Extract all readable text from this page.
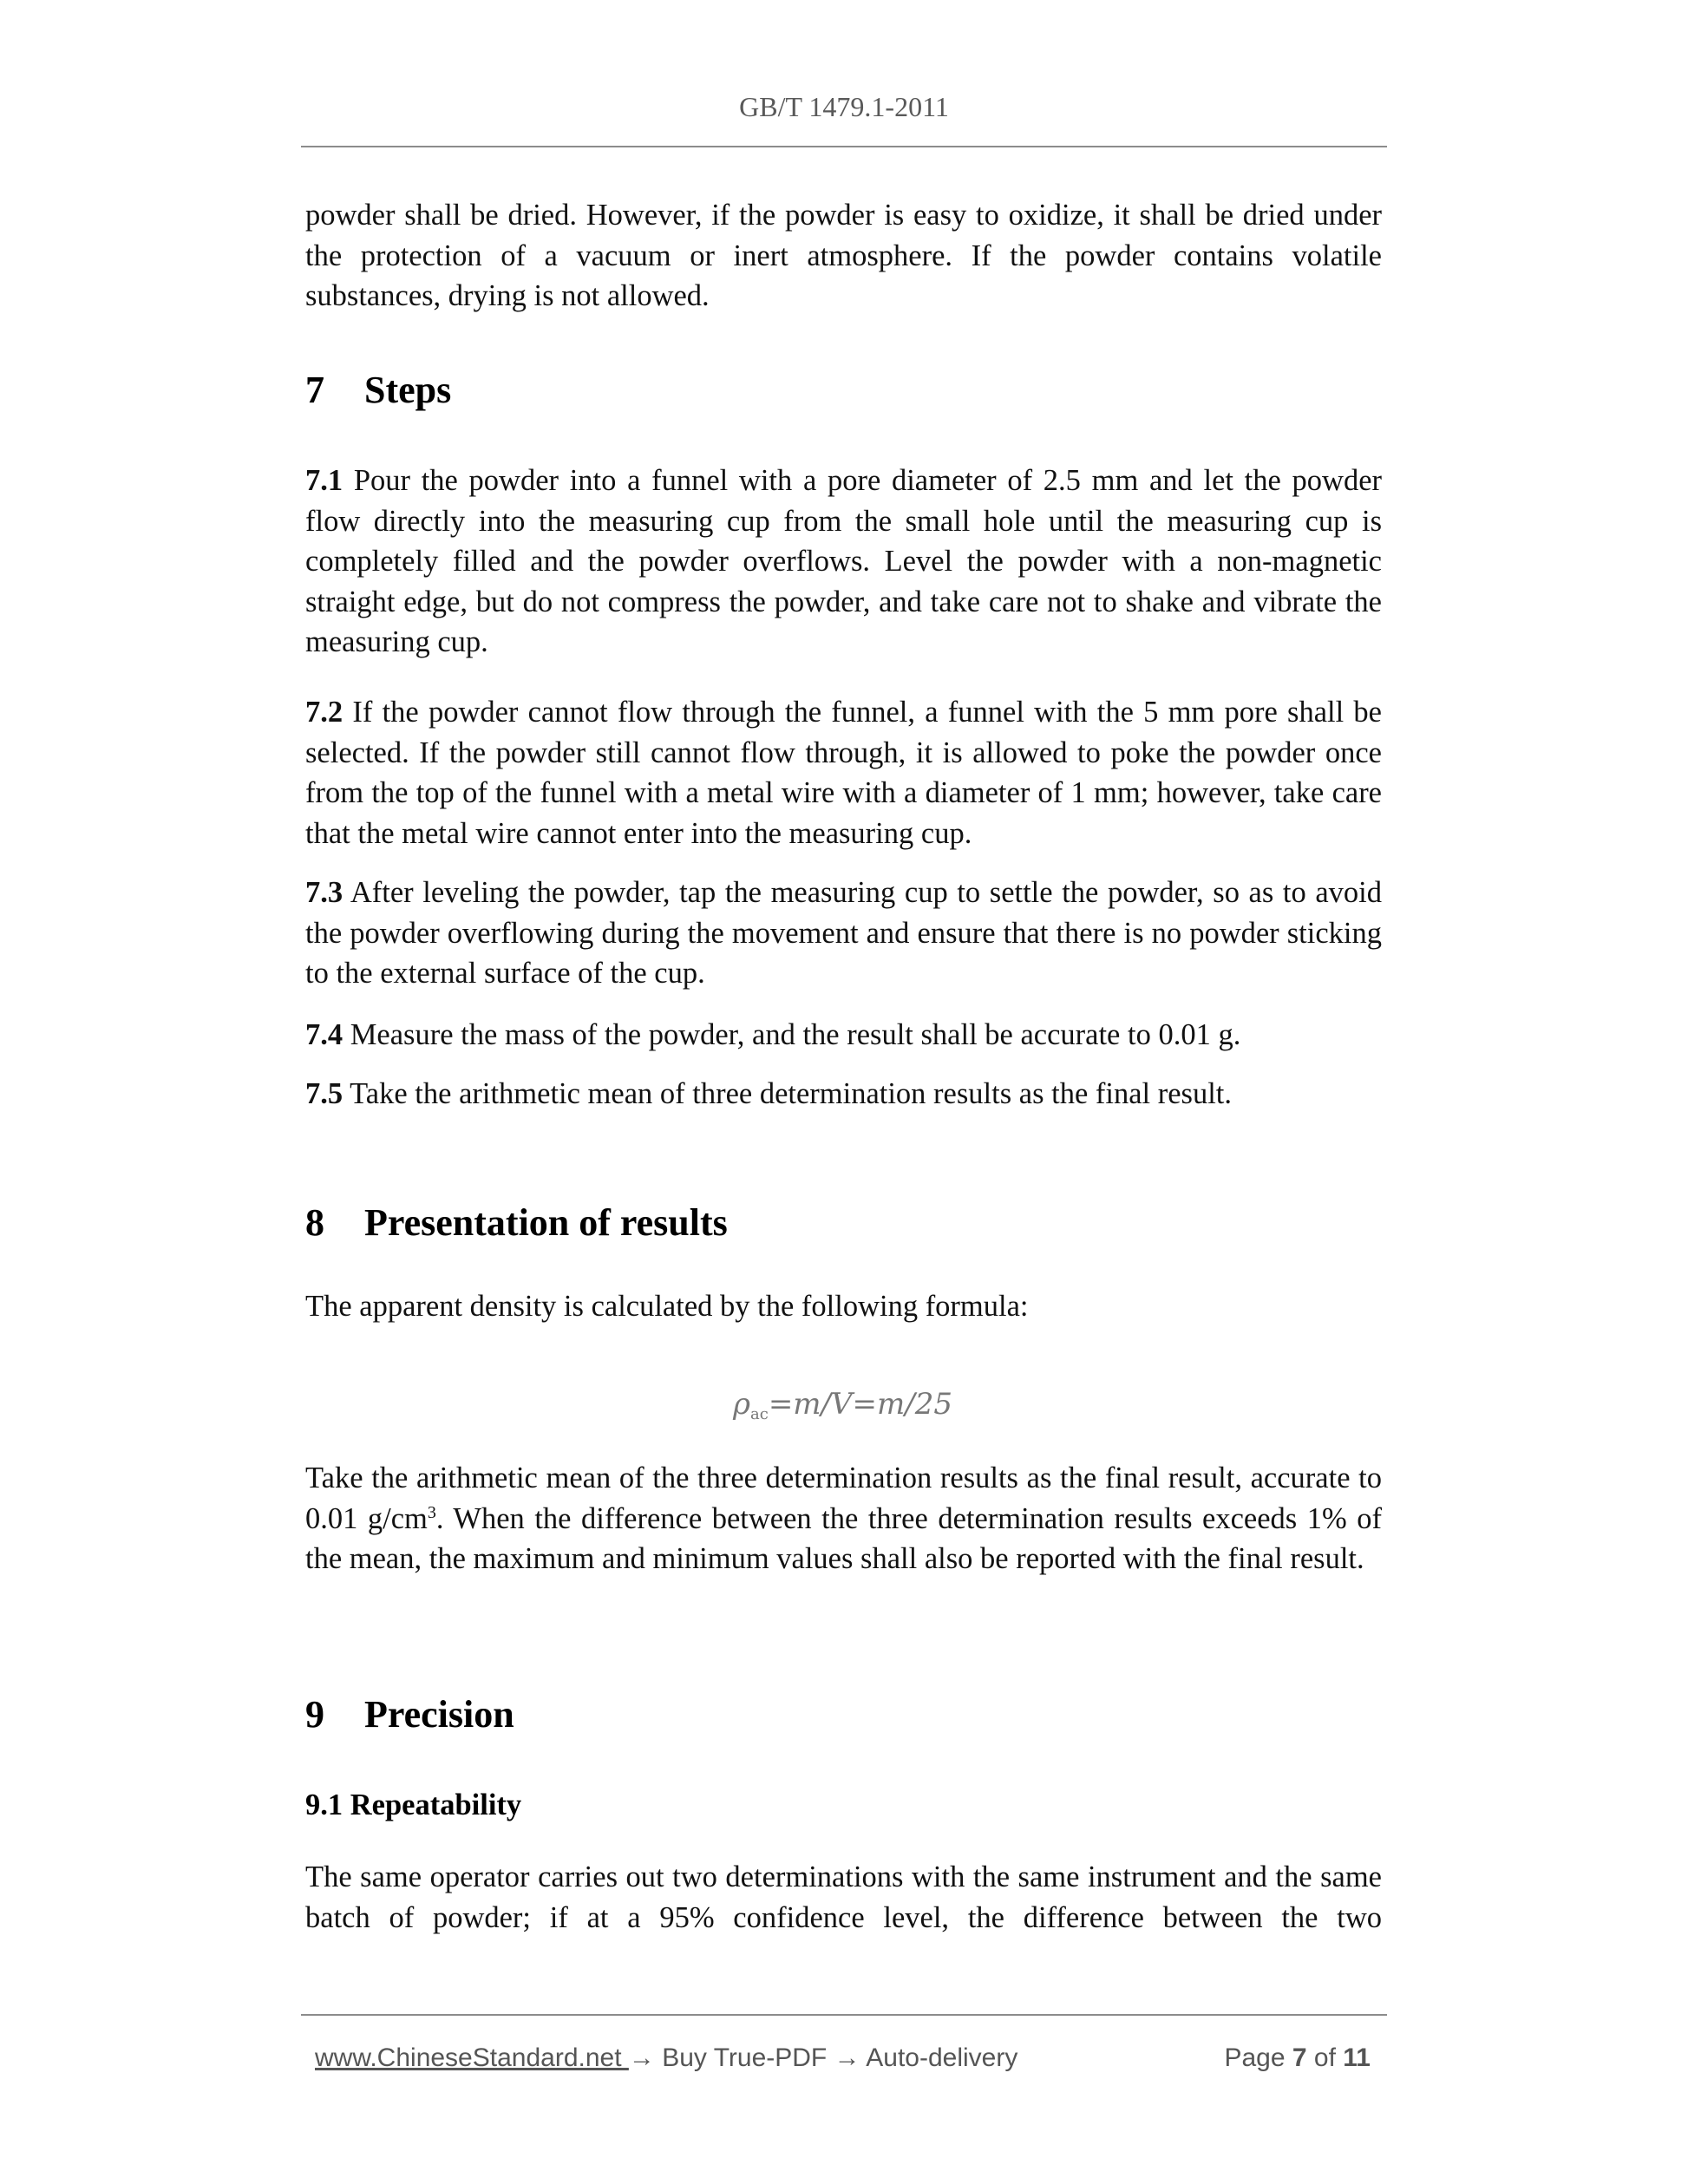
GB/T 1479.1-2011
powder shall be dried. However, if the powder is easy to oxidize, it shall be dried under the protection of a vacuum or inert atmosphere. If the powder contains volatile substances, drying is not allowed.
7 Steps
7.1 Pour the powder into a funnel with a pore diameter of 2.5 mm and let the powder flow directly into the measuring cup from the small hole until the measuring cup is completely filled and the powder overflows. Level the powder with a non-magnetic straight edge, but do not compress the powder, and take care not to shake and vibrate the measuring cup.
7.2 If the powder cannot flow through the funnel, a funnel with the 5 mm pore shall be selected. If the powder still cannot flow through, it is allowed to poke the powder once from the top of the funnel with a metal wire with a diameter of 1 mm; however, take care that the metal wire cannot enter into the measuring cup.
7.3 After leveling the powder, tap the measuring cup to settle the powder, so as to avoid the powder overflowing during the movement and ensure that there is no powder sticking to the external surface of the cup.
7.4 Measure the mass of the powder, and the result shall be accurate to 0.01 g.
7.5 Take the arithmetic mean of three determination results as the final result.
8 Presentation of results
The apparent density is calculated by the following formula:
$\rho_{ac}=m/V=m/25$
Take the arithmetic mean of the three determination results as the final result, accurate to 0.01 $g/cm^3$. When the difference between the three determination results exceeds 1% of the mean, the maximum and minimum values shall also be reported with the final result.
9 Precision
9.1 Repeatability
The same operator carries out two determinations with the same instrument and the same batch of powder; if at a 95% confidence level, the difference between the two
www.ChineseStandard.net → Buy True-PDF → Auto-delivery	Page 7 of 11
